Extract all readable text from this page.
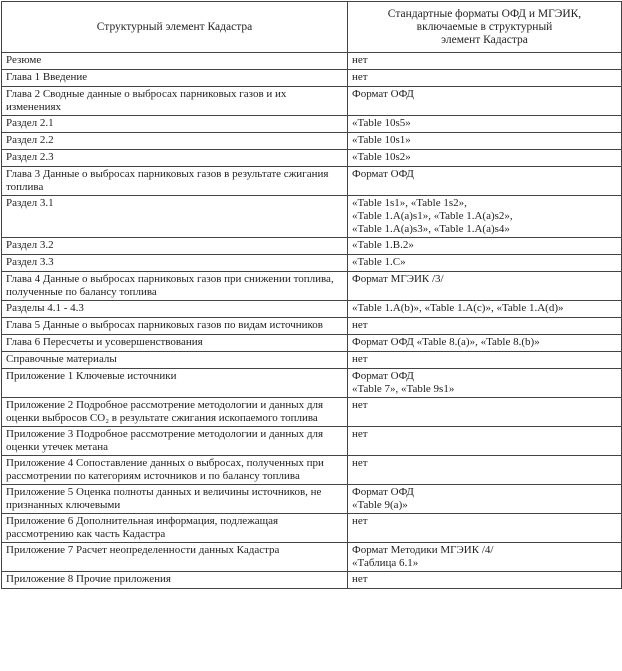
Структурный элемент Кадастра	Стандартные форматы ОФД и МГЭИК,
включаемые в структурный
элемент Кадастра
Резюме	нет
Глава 1 Введение	нет
Глава 2 Сводные данные о выбросах парниковых газов и их изменениях	Формат ОФД
Раздел 2.1	«Table 10s5»
Раздел 2.2	«Table 10s1»
Раздел 2.3	«Table 10s2»
Глава 3 Данные о выбросах парниковых газов в результате сжигания топлива	Формат ОФД
Раздел 3.1	«Table 1s1», «Table 1s2»,
«Table 1.A(a)s1», «Table 1.A(a)s2»,
«Table 1.A(a)s3», «Table 1.A(a)s4»
Раздел 3.2	«Table 1.B.2»
Раздел 3.3	«Table 1.C»
Глава 4 Данные о выбросах парниковых газов при снижении топлива, полученные по балансу топлива	Формат МГЭИК /3/
Разделы 4.1 - 4.3	«Table 1.A(b)», «Table 1.A(c)», «Table 1.A(d)»
Глава 5 Данные о выбросах парниковых газов по видам источников	нет
Глава 6 Пересчеты и усовершенствования	Формат ОФД «Table 8.(a)», «Table 8.(b)»
Справочные материалы	нет
Приложение 1 Ключевые источники	Формат ОФД
«Table 7», «Table 9s1»
Приложение 2 Подробное рассмотрение методологии и данных для оценки выбросов СО₂ в результате сжигания ископаемого топлива	нет
Приложение 3 Подробное рассмотрение методологии и данных для оценки утечек метана	нет
Приложение 4 Сопоставление данных о выбросах, полученных при рассмотрении по категориям источников и по балансу топлива	нет
Приложение 5 Оценка полноты данных и величины источников, не признанных ключевыми	Формат ОФД
«Table 9(a)»
Приложение 6 Дополнительная информация, подлежащая рассмотрению как часть Кадастра	нет
Приложение 7 Расчет неопределенности данных Кадастра	Формат Методики МГЭИК /4/
«Таблица 6.1»
Приложение 8 Прочие приложения	нет
